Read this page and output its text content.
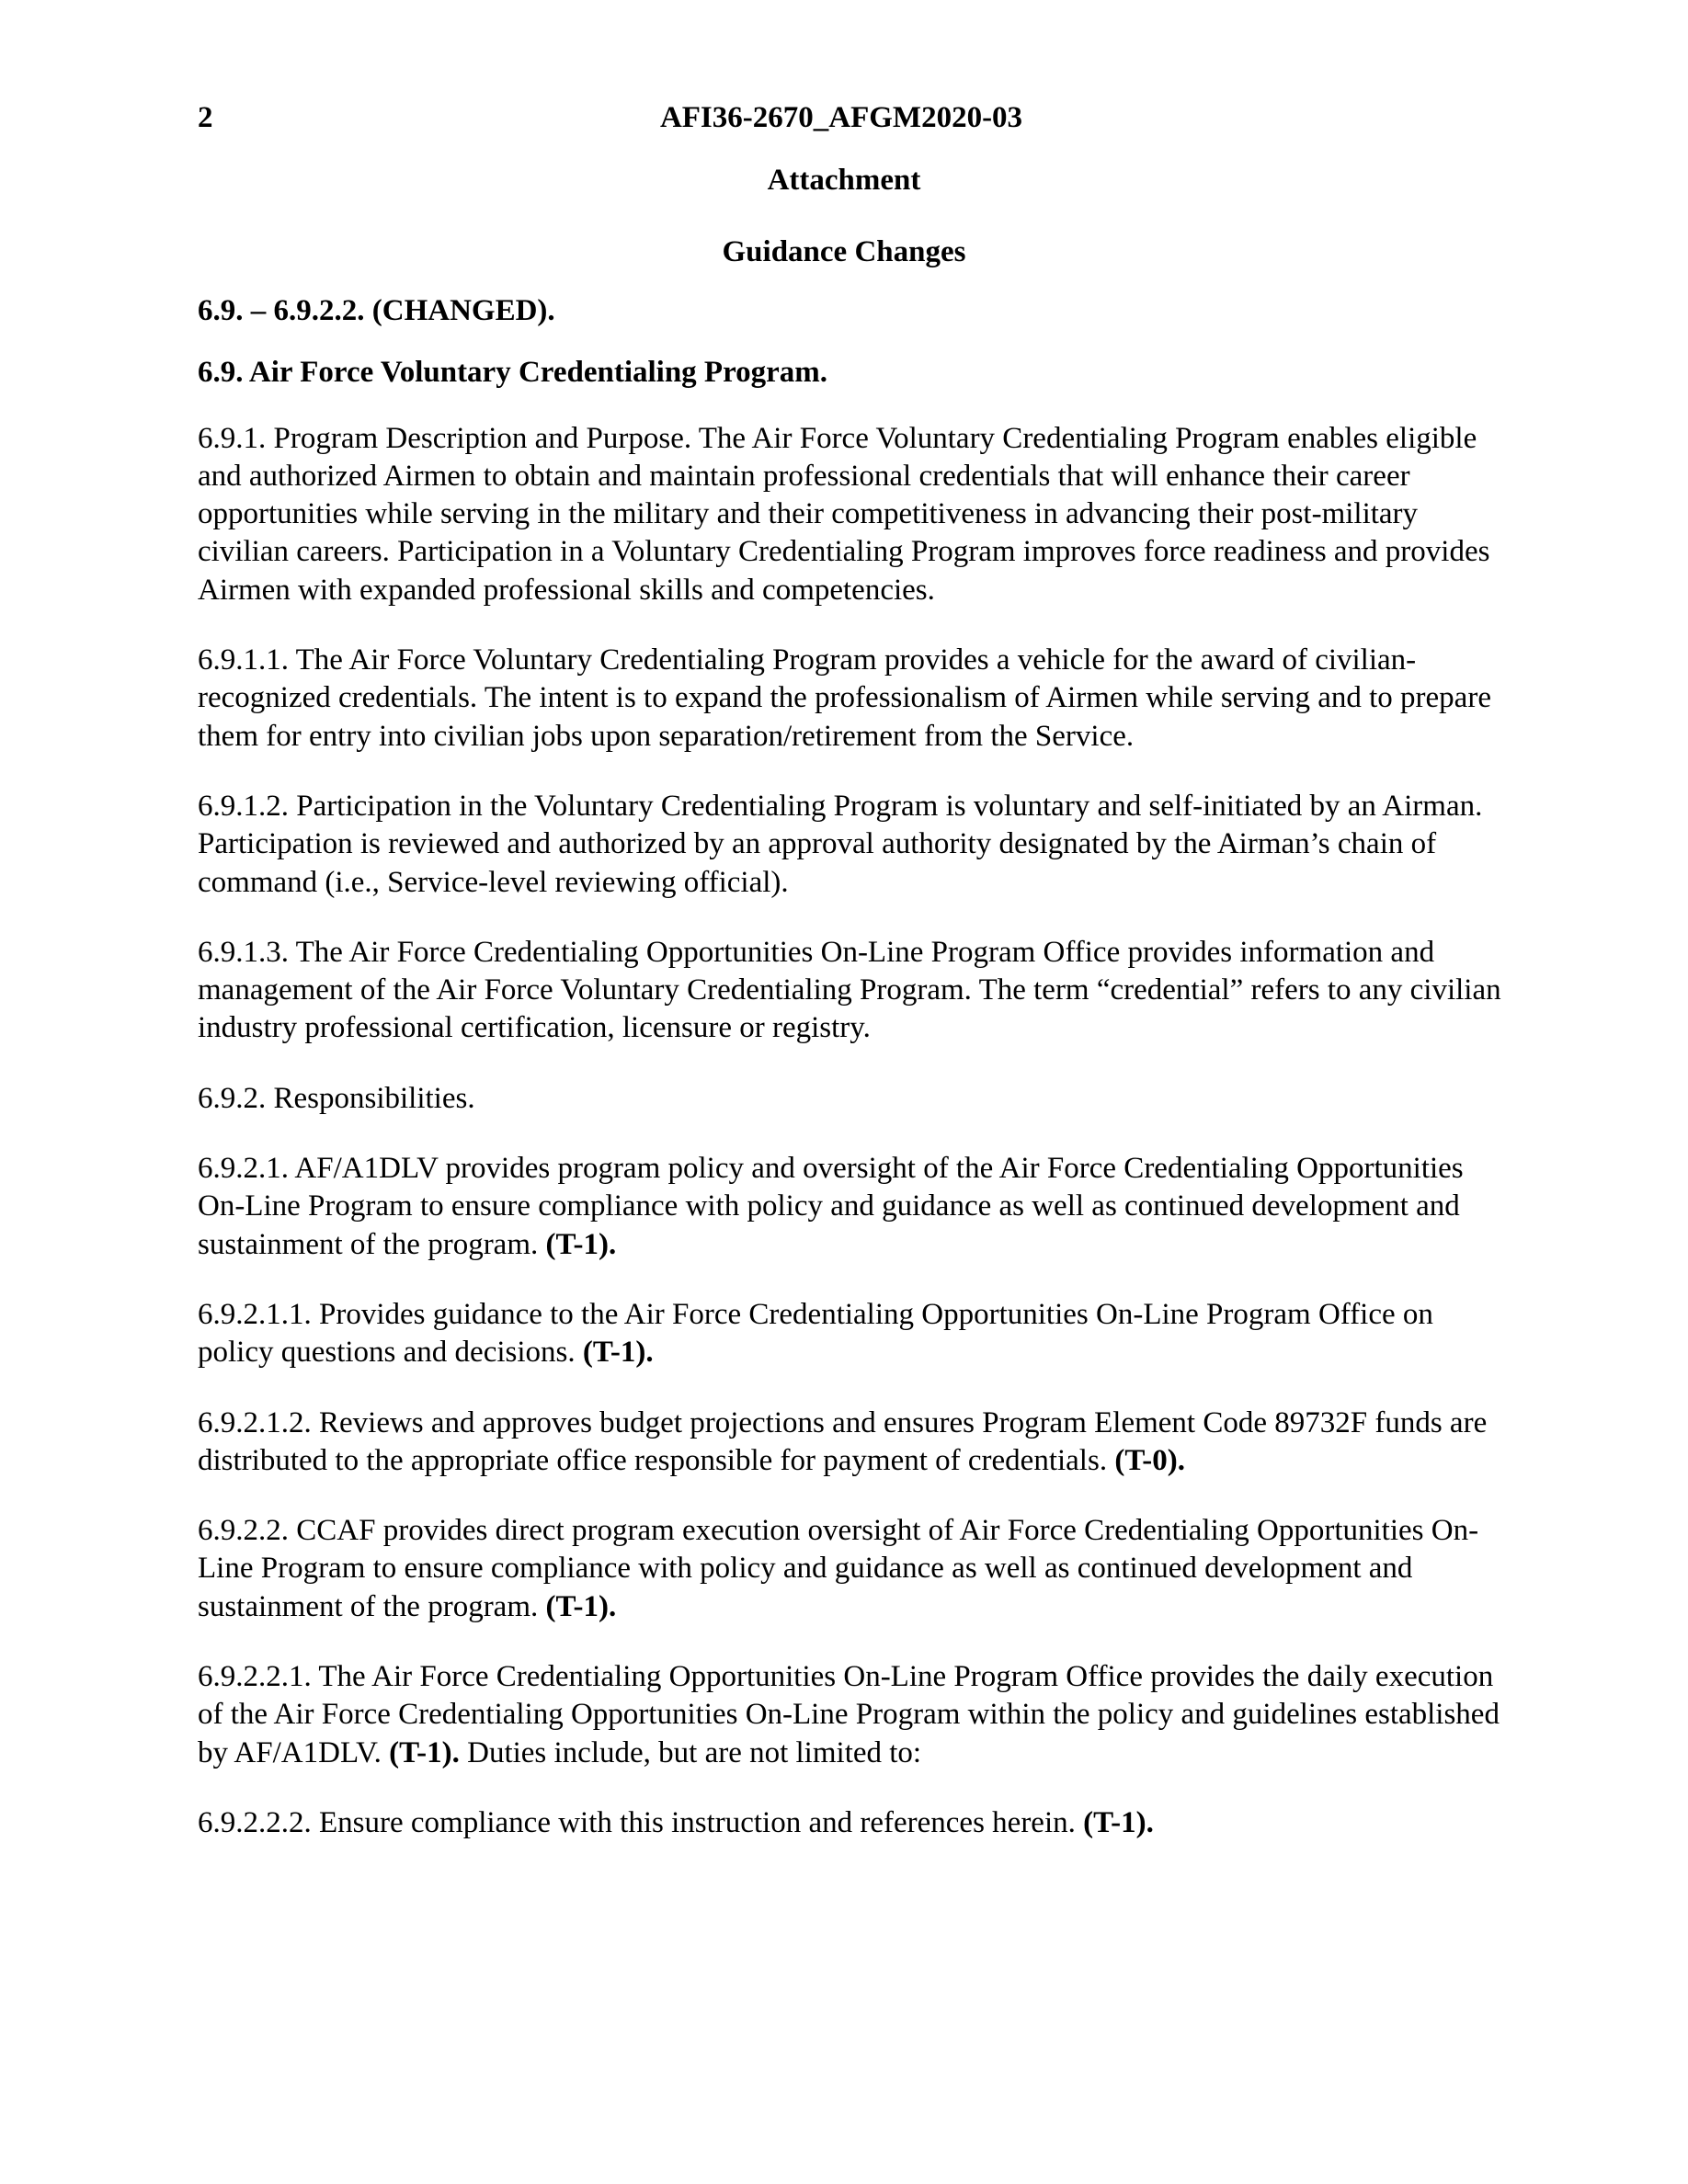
2	AFI36-2670_AFGM2020-03
Attachment
Guidance Changes

6.9. – 6.9.2.2. (CHANGED).

6.9. Air Force Voluntary Credentialing Program.

6.9.1. Program Description and Purpose. The Air Force Voluntary Credentialing Program enables eligible and authorized Airmen to obtain and maintain professional credentials that will enhance their career opportunities while serving in the military and their competitiveness in advancing their post-military civilian careers. Participation in a Voluntary Credentialing Program improves force readiness and provides Airmen with expanded professional skills and competencies.

6.9.1.1. The Air Force Voluntary Credentialing Program provides a vehicle for the award of civilian-recognized credentials. The intent is to expand the professionalism of Airmen while serving and to prepare them for entry into civilian jobs upon separation/retirement from the Service.

6.9.1.2. Participation in the Voluntary Credentialing Program is voluntary and self-initiated by an Airman. Participation is reviewed and authorized by an approval authority designated by the Airman’s chain of command (i.e., Service-level reviewing official).

6.9.1.3. The Air Force Credentialing Opportunities On-Line Program Office provides information and management of the Air Force Voluntary Credentialing Program. The term “credential” refers to any civilian industry professional certification, licensure or registry.

6.9.2. Responsibilities.

6.9.2.1. AF/A1DLV provides program policy and oversight of the Air Force Credentialing Opportunities On-Line Program to ensure compliance with policy and guidance as well as continued development and sustainment of the program. (T-1).

6.9.2.1.1. Provides guidance to the Air Force Credentialing Opportunities On-Line Program Office on policy questions and decisions. (T-1).

6.9.2.1.2. Reviews and approves budget projections and ensures Program Element Code 89732F funds are distributed to the appropriate office responsible for payment of credentials. (T-0).

6.9.2.2. CCAF provides direct program execution oversight of Air Force Credentialing Opportunities On-Line Program to ensure compliance with policy and guidance as well as continued development and sustainment of the program. (T-1).

6.9.2.2.1. The Air Force Credentialing Opportunities On-Line Program Office provides the daily execution of the Air Force Credentialing Opportunities On-Line Program within the policy and guidelines established by AF/A1DLV. (T-1). Duties include, but are not limited to:

6.9.2.2.2. Ensure compliance with this instruction and references herein. (T-1).
